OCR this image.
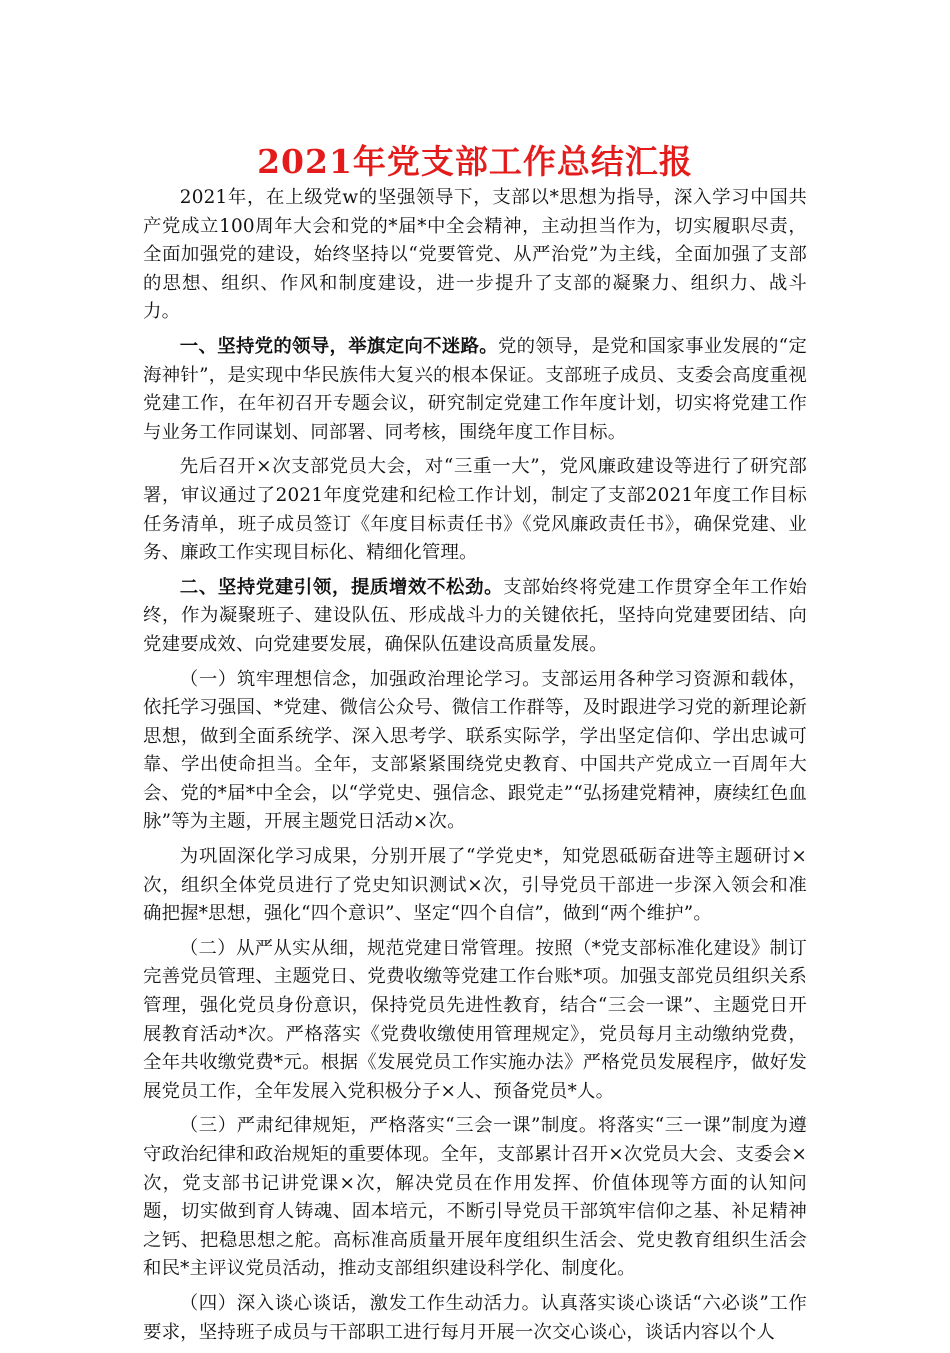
2021年党支部工作总结汇报

2021年，在上级党w的坚强领导下，支部以*思想为指导，深入学习中国共产党成立100周年大会和党的*届*中全会精神，主动担当作为，切实履职尽责，全面加强党的建设，始终坚持以“党要管党、从严治党”为主线，全面加强了支部的思想、组织、作风和制度建设，进一步提升了支部的凝聚力、组织力、战斗力。

一、坚持党的领导，举旗定向不迷路。党的领导，是党和国家事业发展的“定海神针”，是实现中华民族伟大复兴的根本保证。支部班子成员、支委会高度重视党建工作，在年初召开专题会议，研究制定党建工作年度计划，切实将党建工作与业务工作同谋划、同部署、同考核，围绕年度工作目标。

先后召开×次支部党员大会，对“三重一大”，党风廉政建设等进行了研究部署，审议通过了2021年度党建和纪检工作计划，制定了支部2021年度工作目标任务清单，班子成员签订《年度目标责任书》《党风廉政责任书》，确保党建、业务、廉政工作实现目标化、精细化管理。

二、坚持党建引领，提质增效不松劲。支部始终将党建工作贯穿全年工作始终，作为凝聚班子、建设队伍、形成战斗力的关键依托，坚持向党建要团结、向党建要成效、向党建要发展，确保队伍建设高质量发展。

（一）筑牢理想信念，加强政治理论学习。支部运用各种学习资源和载体，依托学习强国、*党建、微信公众号、微信工作群等，及时跟进学习党的新理论新思想，做到全面系统学、深入思考学、联系实际学，学出坚定信仰、学出忠诚可靠、学出使命担当。全年，支部紧紧围绕党史教育、中国共产党成立一百周年大会、党的*届*中全会，以“学党史、强信念、跟党走”“弘扬建党精神，赓续红色血脉”等为主题，开展主题党日活动×次。

为巩固深化学习成果，分别开展了“学党史*，知党恩砥砺奋进等主题研讨×次，组织全体党员进行了党史知识测试×次，引导党员干部进一步深入领会和准确把握*思想，强化“四个意识”、坚定“四个自信”，做到“两个维护”。

（二）从严从实从细，规范党建日常管理。按照（*党支部标准化建设》制订完善党员管理、主题党日、党费收缴等党建工作台账*项。加强支部党员组织关系管理，强化党员身份意识，保持党员先进性教育，结合“三会一课”、主题党日开展教育活动*次。严格落实《党费收缴使用管理规定》，党员每月主动缴纳党费，全年共收缴党费*元。根据《发展党员工作实施办法》严格党员发展程序，做好发展党员工作，全年发展入党积极分子×人、预备党员*人。

（三）严肃纪律规矩，严格落实“三会一课”制度。将落实“三一课”制度为遵守政治纪律和政治规矩的重要体现。全年，支部累计召开×次党员大会、支委会×次，党支部书记讲党课×次，解决党员在作用发挥、价值体现等方面的认知问题，切实做到育人铸魂、固本培元，不断引导党员干部筑牢信仰之基、补足精神之钙、把稳思想之舵。高标准高质量开展年度组织生活会、党史教育组织生活会和民*主评议党员活动，推动支部组织建设科学化、制度化。

（四）深入谈心谈话，激发工作生动活力。认真落实谈心谈话“六必谈”工作要求，坚持班子成员与干部职工进行每月开展一次交心谈心，谈话内容以个人
